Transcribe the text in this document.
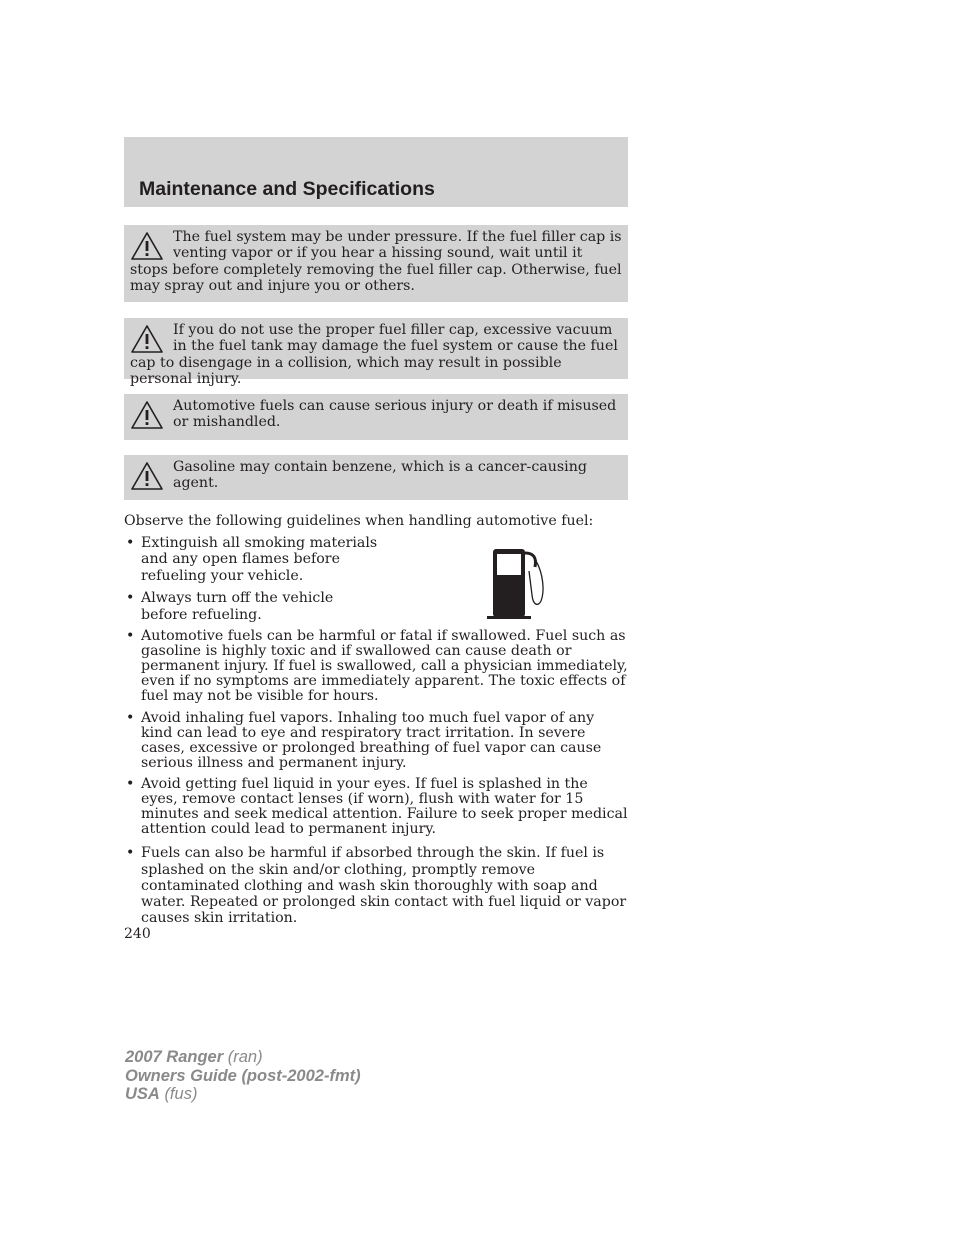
Maintenance and Specifications
The fuel system may be under pressure. If the fuel filler cap is venting vapor or if you hear a hissing sound, wait until it stops before completely removing the fuel filler cap. Otherwise, fuel may spray out and injure you or others.
If you do not use the proper fuel filler cap, excessive vacuum in the fuel tank may damage the fuel system or cause the fuel cap to disengage in a collision, which may result in possible personal injury.
Automotive fuels can cause serious injury or death if misused or mishandled.
Gasoline may contain benzene, which is a cancer-causing agent.

Observe the following guidelines when handling automotive fuel:

• Extinguish all smoking materials and any open flames before refueling your vehicle.
• Always turn off the vehicle before refueling.
• Automotive fuels can be harmful or fatal if swallowed. Fuel such as gasoline is highly toxic and if swallowed can cause death or permanent injury. If fuel is swallowed, call a physician immediately, even if no symptoms are immediately apparent. The toxic effects of fuel may not be visible for hours.
• Avoid inhaling fuel vapors. Inhaling too much fuel vapor of any kind can lead to eye and respiratory tract irritation. In severe cases, excessive or prolonged breathing of fuel vapor can cause serious illness and permanent injury.
• Avoid getting fuel liquid in your eyes. If fuel is splashed in the eyes, remove contact lenses (if worn), flush with water for 15 minutes and seek medical attention. Failure to seek proper medical attention could lead to permanent injury.
• Fuels can also be harmful if absorbed through the skin. If fuel is splashed on the skin and/or clothing, promptly remove contaminated clothing and wash skin thoroughly with soap and water. Repeated or prolonged skin contact with fuel liquid or vapor causes skin irritation.
240
2007 Ranger (ran)
Owners Guide (post-2002-fmt)
USA (fus)
